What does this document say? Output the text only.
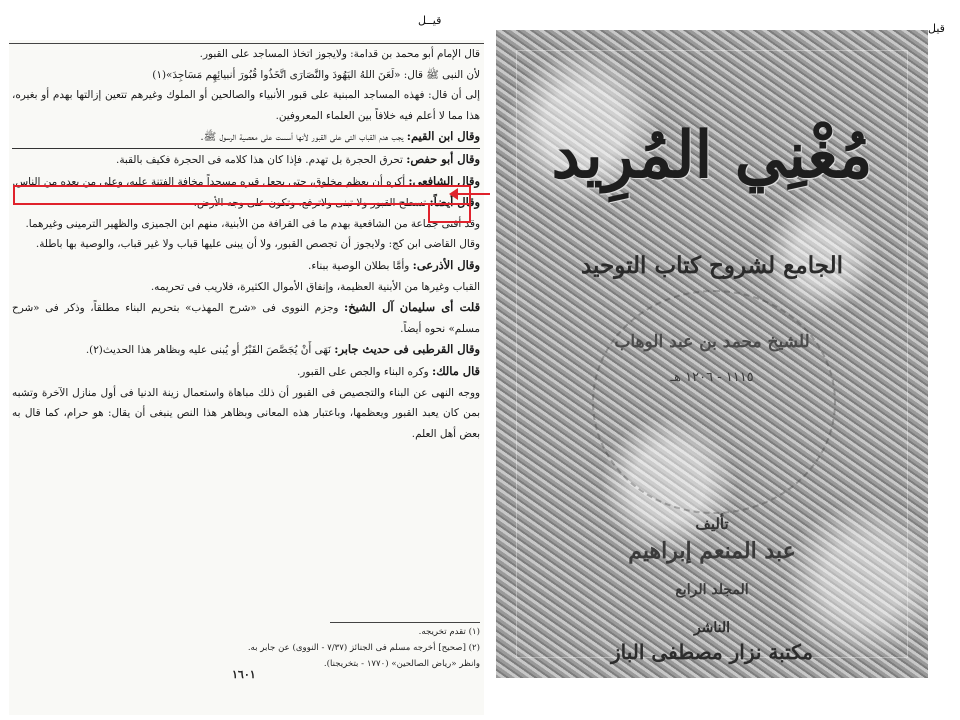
قيــل
قيل

قال الإمام أبو محمد بن قدامة: ولايجوز اتخاذ المساجد على القبور.

لأن النبى ﷺ قال: «لَعَنَ اللهُ اليَهُودَ والنَّصَارَى اتَّخَذُوا قُبُورَ أنبيائِهِم مَسَاجِدَ»(١)

إلى أن قال: فهذه المساجد المبنية على قبور الأنبياء والصالحين أو الملوك وغيرهم تتعين إزالتها بهدم أو بغيره، هذا مما لا أعلم فيه خلافاً بين العلماء المعروفين.

وقال ابن القيم: يجب هدم القباب التى على القبور لأنها أسست على معصية الرسول ﷺ.

وقال أبو حفص: تحرق الحجرة بل تهدم. فإذا كان هذا كلامه فى الحجرة فكيف بالقبة.

وقال الشافعى: أكره أن يعظم مخلوق، حتى يجعل قبره مسجداً مخافة الفتنة عليه، وعلى من بعده من الناس.

وقال أيضاً: تسطح القبور ولا تبنى ولاترفع، وتكون على وجه الأرض.

وقد أفتى جماعة من الشافعية بهدم ما فى القرافة من الأبنية، منهم ابن الجميزى والظهير الترمينى وغيرهما.

وقال القاضى ابن كج: ولايجوز أن تجصص القبور، ولا أن يبنى عليها قباب ولا غير قباب، والوصية بها باطلة.

وقال الأذرعى: وأمَّا بطلان الوصية ببناء.

القباب وغيرها من الأبنية العظيمة، وإنفاق الأموال الكثيرة، فلاريب فى تحريمه.

قلت أى سليمان آل الشيخ: وجزم النووى فى «شرح المهذب» بتحريم البناء مطلقاً، وذكر فى «شرح مسلم» نحوه أيضاً.

وقال القرطبى فى حديث جابر: نَهَى أَنْ يُجَصَّصَ القَبْرُ أو يُبنى عليه وبظاهر هذا الحديث(٢).

قال مالك: وكره البناء والجص على القبور.

ووجه النهى عن البناء والتجصيص فى القبور أن ذلك مباهاة واستعمال زينة الدنيا فى أول منازل الآخرة وتشبه بمن كان يعبد القبور ويعظمها، وباعتبار هذه المعانى وبظاهر هذا النص ينبغى أن يقال: هو حرام، كما قال به بعض أهل العلم.

(١) تقدم تخريجه.
(٢) [صحيح] أخرجه مسلم فى الجنائز (٧/٣٧ - النووى) عن جابر به.
وانظر «رياض الصالحين» (١٧٧٠ - بتخريجنا).
١٦٠١
مُغْنِي المُرِيد
الجامع لشروح كتاب التوحيد
للشيخ محمد بن عبد الوهاب
١١١٥ - ١٢٠٦ هـ
تأليف
عبد المنعم إبراهيم
المجلد الرابع
الناشر
مكتبة نزار مصطفى الباز
